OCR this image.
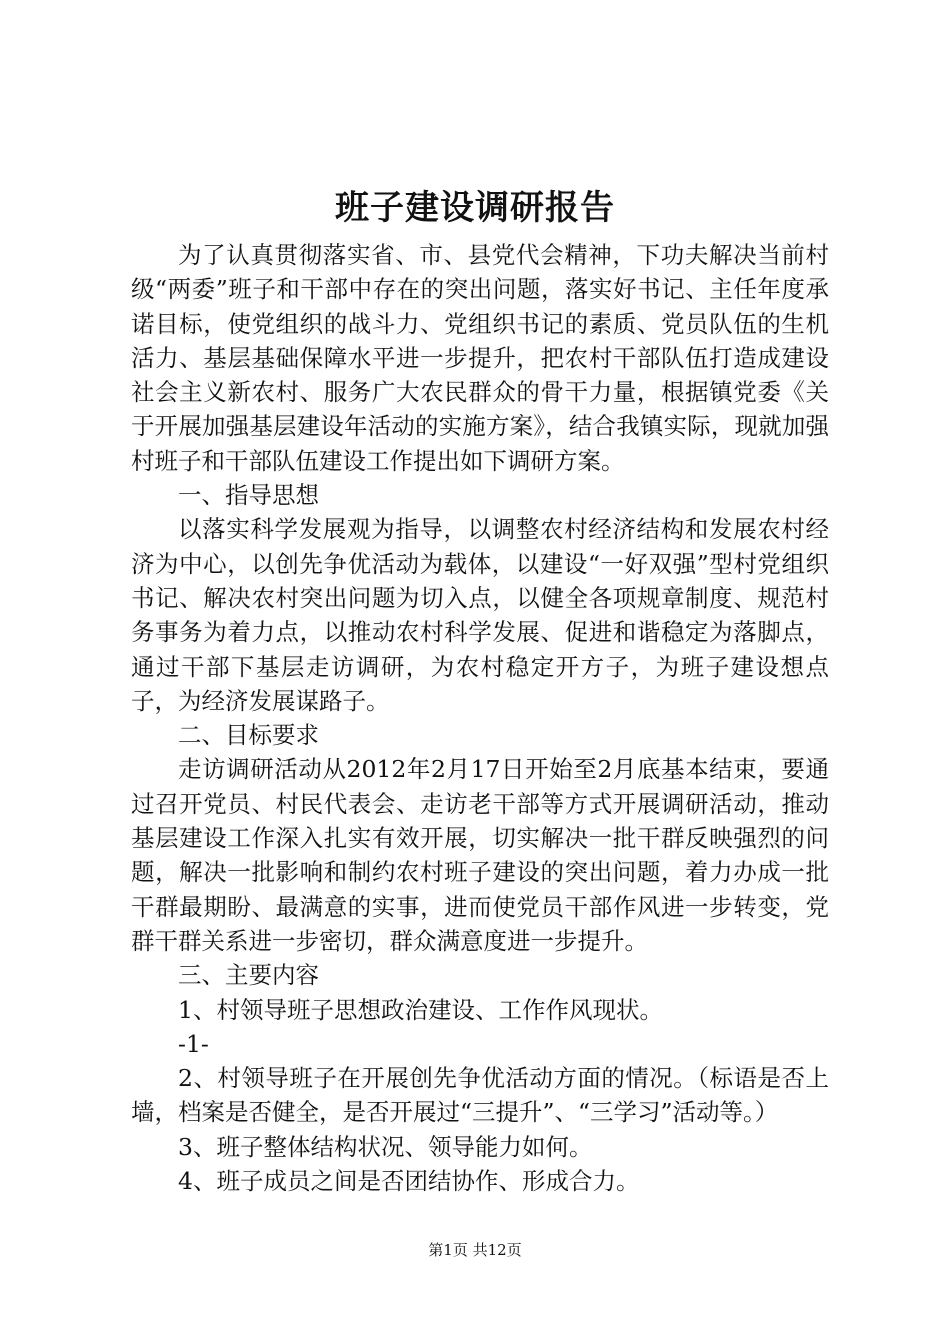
班子建设调研报告

为了认真贯彻落实省、市、县党代会精神，下功夫解决当前村级“两委”班子和干部中存在的突出问题，落实好书记、主任年度承诺目标，使党组织的战斗力、党组织书记的素质、党员队伍的生机活力、基层基础保障水平进一步提升，把农村干部队伍打造成建设社会主义新农村、服务广大农民群众的骨干力量，根据镇党委《关于开展加强基层建设年活动的实施方案》，结合我镇实际，现就加强村班子和干部队伍建设工作提出如下调研方案。

一、指导思想

以落实科学发展观为指导，以调整农村经济结构和发展农村经济为中心，以创先争优活动为载体，以建设“一好双强”型村党组织书记、解决农村突出问题为切入点，以健全各项规章制度、规范村务事务为着力点，以推动农村科学发展、促进和谐稳定为落脚点，通过干部下基层走访调研，为农村稳定开方子，为班子建设想点子，为经济发展谋路子。

二、目标要求

走访调研活动从2012年2月17日开始至2月底基本结束，要通过召开党员、村民代表会、走访老干部等方式开展调研活动，推动基层建设工作深入扎实有效开展，切实解决一批干群反映强烈的问题，解决一批影响和制约农村班子建设的突出问题，着力办成一批干群最期盼、最满意的实事，进而使党员干部作风进一步转变，党群干群关系进一步密切，群众满意度进一步提升。

三、主要内容

1、村领导班子思想政治建设、工作作风现状。

-1-

2、村领导班子在开展创先争优活动方面的情况。（标语是否上墙，档案是否健全，是否开展过“三提升”、“三学习”活动等。）

3、班子整体结构状况、领导能力如何。

4、班子成员之间是否团结协作、形成合力。

第1页 共12页
